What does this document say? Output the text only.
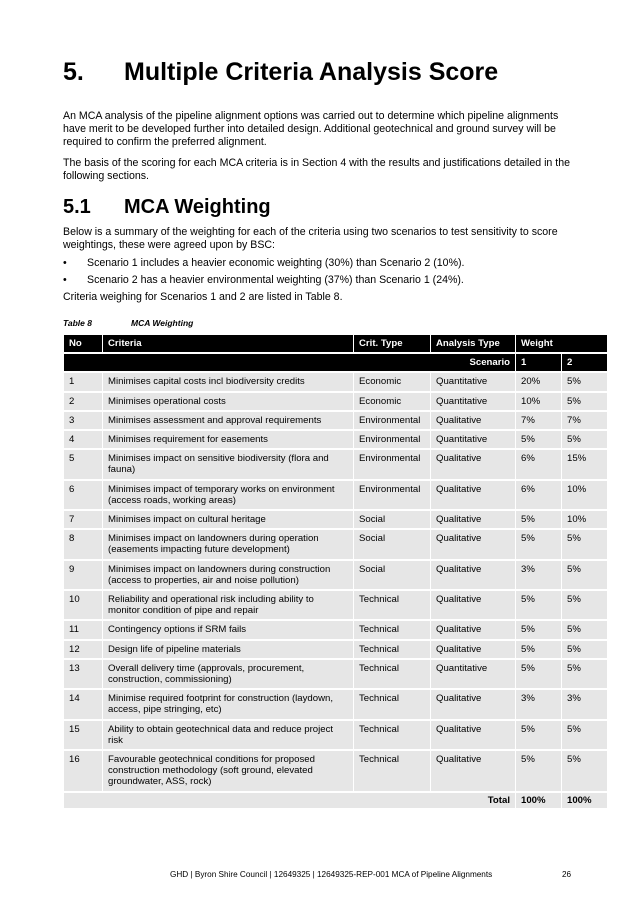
5. Multiple Criteria Analysis Score
An MCA analysis of the pipeline alignment options was carried out to determine which pipeline alignments have merit to be developed further into detailed design. Additional geotechnical and ground survey will be required to confirm the preferred alignment.
The basis of the scoring for each MCA criteria is in Section 4 with the results and justifications detailed in the following sections.
5.1 MCA Weighting
Below is a summary of the weighting for each of the criteria using two scenarios to test sensitivity to score weightings, these were agreed upon by BSC:
• Scenario 1 includes a heavier economic weighting (30%) than Scenario 2 (10%).
• Scenario 2 has a heavier environmental weighting (37%) than Scenario 1 (24%).
Criteria weighing for Scenarios 1 and 2 are listed in Table 8.
Table 8	MCA Weighting
No	Criteria	Crit. Type	Analysis Type	Weight	
Scenario				1	2
1	Minimises capital costs incl biodiversity credits	Economic	Quantitative	20%	5%
2	Minimises operational costs	Economic	Quantitative	10%	5%
3	Minimises assessment and approval requirements	Environmental	Qualitative	7%	7%
4	Minimises requirement for easements	Environmental	Quantitative	5%	5%
5	Minimises impact on sensitive biodiversity (flora and fauna)	Environmental	Qualitative	6%	15%
6	Minimises impact of temporary works on environment (access roads, working areas)	Environmental	Qualitative	6%	10%
7	Minimises impact on cultural heritage	Social	Qualitative	5%	10%
8	Minimises impact on landowners during operation (easements impacting future development)	Social	Qualitative	5%	5%
9	Minimises impact on landowners during construction (access to properties, air and noise pollution)	Social	Qualitative	3%	5%
10	Reliability and operational risk including ability to monitor condition of pipe and repair	Technical	Qualitative	5%	5%
11	Contingency options if SRM fails	Technical	Qualitative	5%	5%
12	Design life of pipeline materials	Technical	Qualitative	5%	5%
13	Overall delivery time (approvals, procurement, construction, commissioning)	Technical	Quantitative	5%	5%
14	Minimise required footprint for construction (laydown, access, pipe stringing, etc)	Technical	Qualitative	3%	3%
15	Ability to obtain geotechnical data and reduce project risk	Technical	Qualitative	5%	5%
16	Favourable geotechnical conditions for proposed construction methodology (soft ground, elevated groundwater, ASS, rock)	Technical	Qualitative	5%	5%
Total				100%	100%
GHD | Byron Shire Council | 12649325 | 12649325-REP-001 MCA of Pipeline Alignments	26
